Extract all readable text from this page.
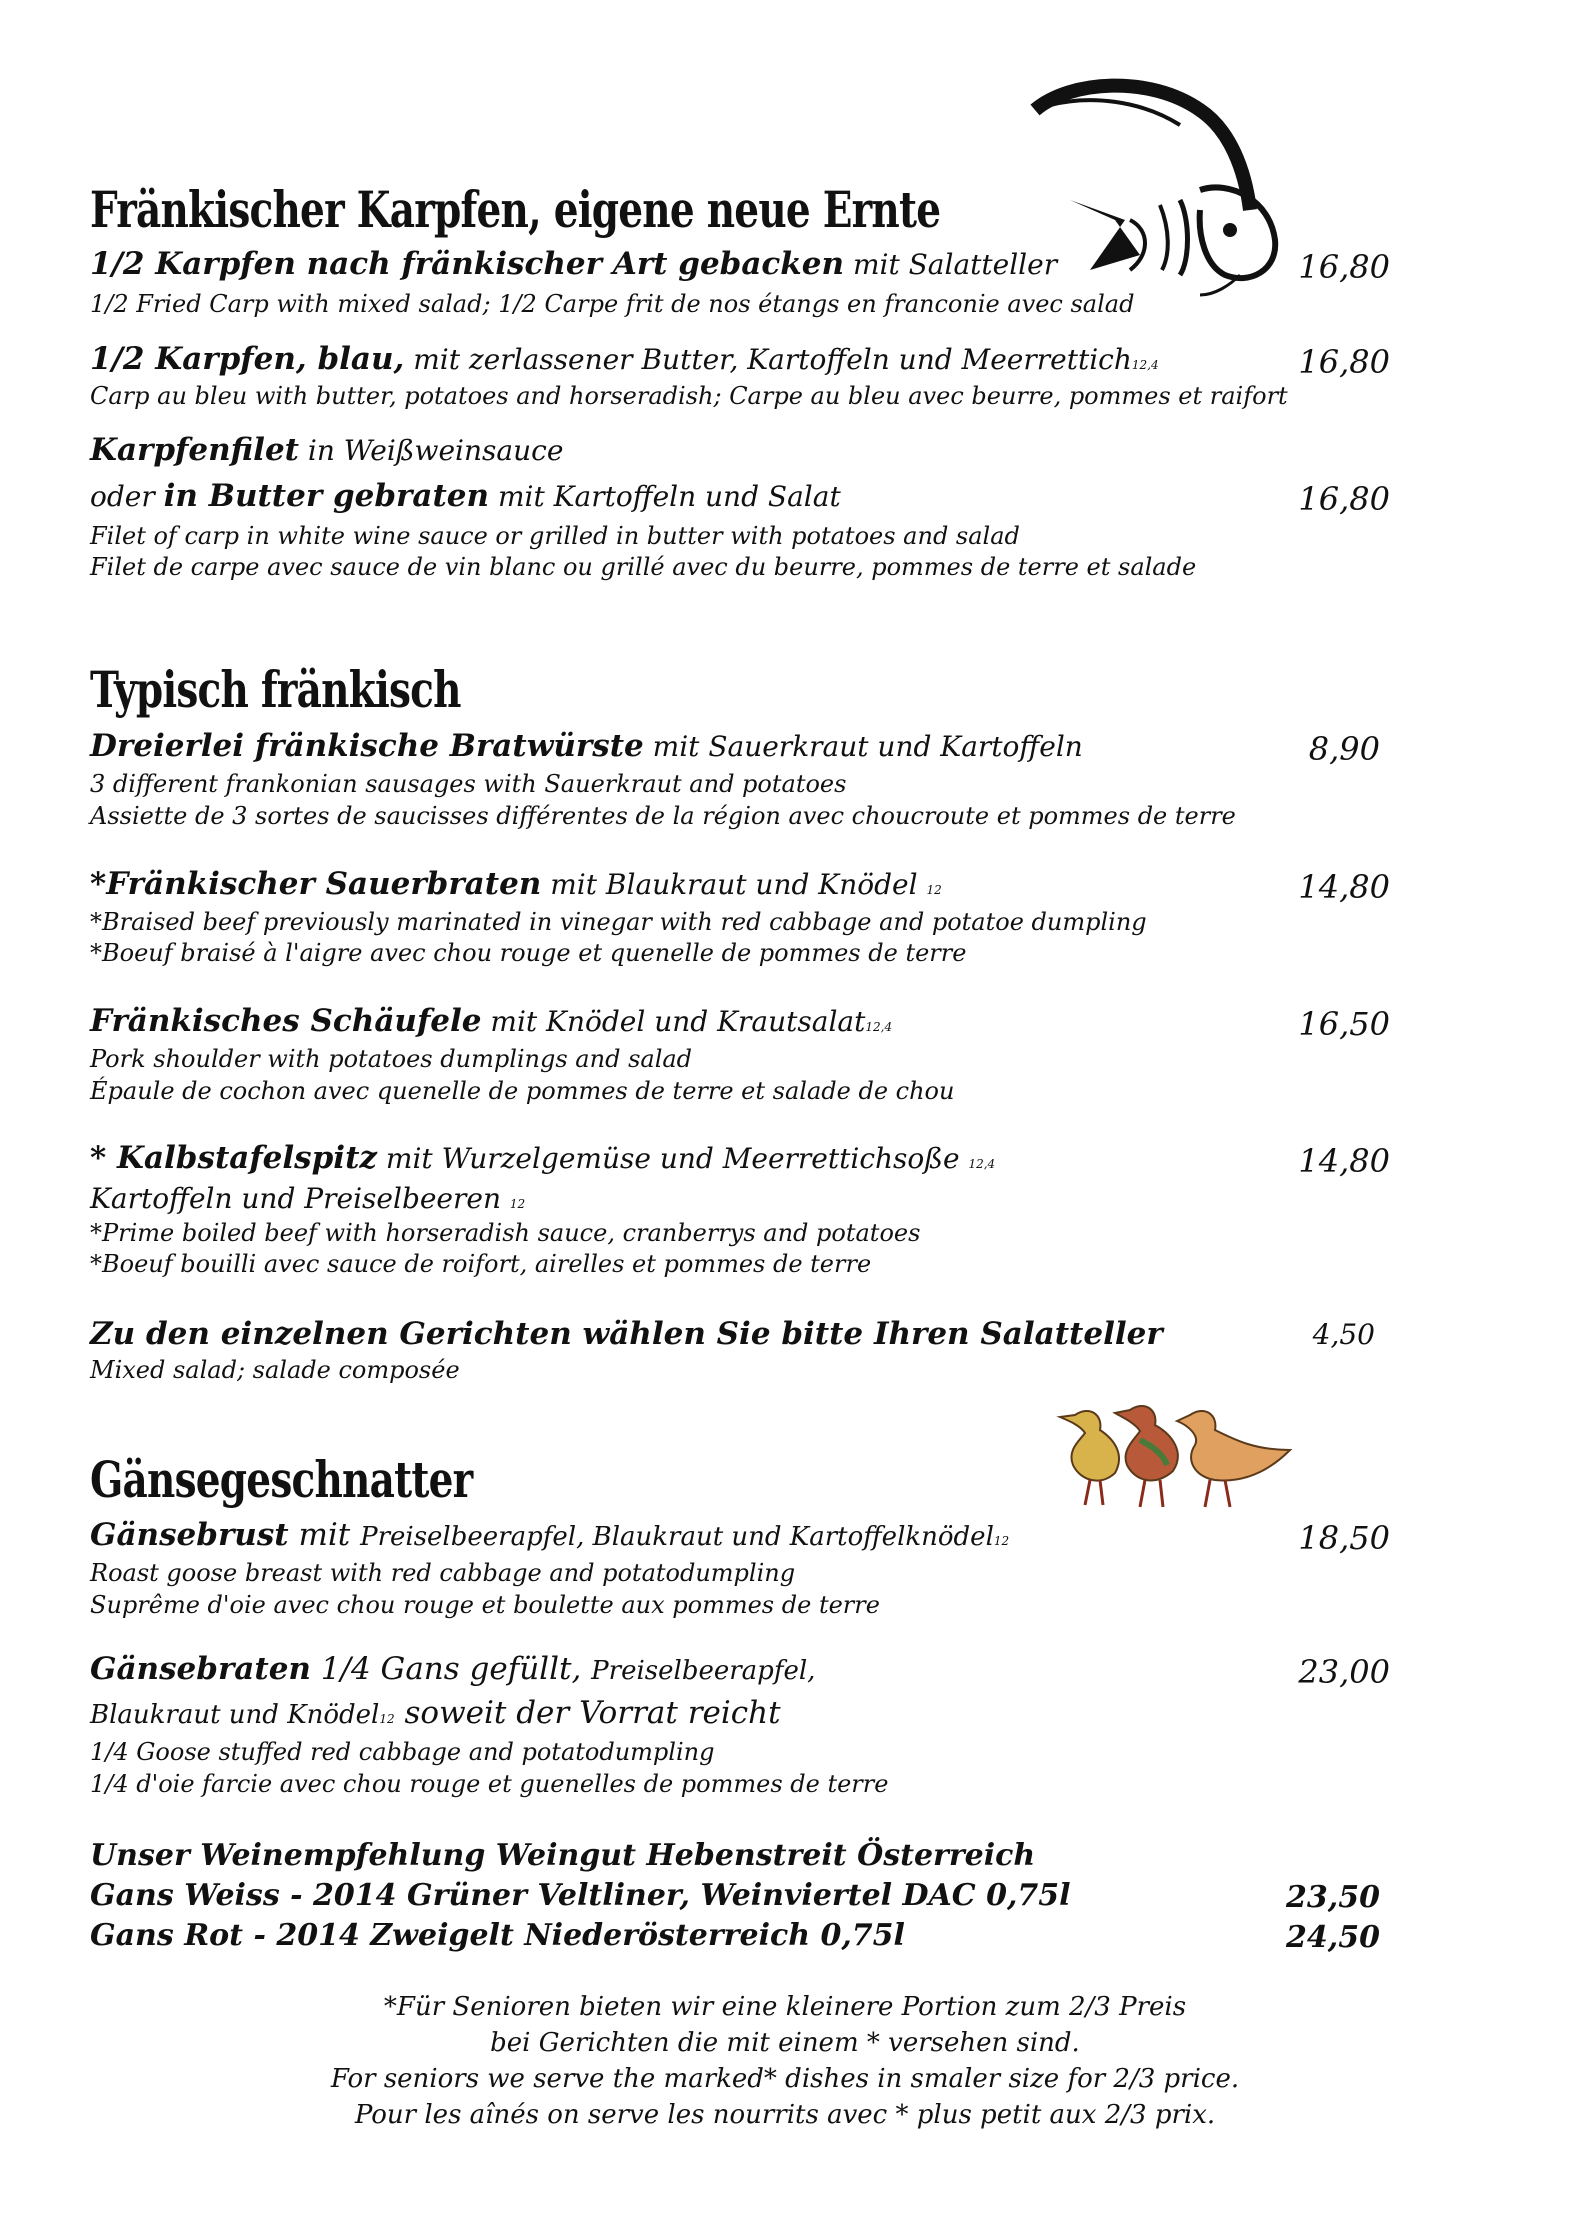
Fränkischer Karpfen, eigene neue Ernte
1/2 Karpfen nach fränkischer Art gebacken mit Salatteller	16,80
1/2 Fried Carp with mixed salad; 1/2 Carpe frit de nos étangs en franconie avec salad
1/2 Karpfen, blau, mit zerlassener Butter, Kartoffeln und Meerrettich12,4	16,80
Carp au bleu with butter, potatoes and horseradish; Carpe au bleu avec beurre, pommes et raifort
Karpfenfilet in Weißweinsauce
oder in Butter gebraten mit Kartoffeln und Salat	16,80
Filet of carp in white wine sauce or grilled in butter with potatoes and salad
Filet de carpe avec sauce de vin blanc ou grillé avec du beurre, pommes de terre et salade
Typisch fränkisch
Dreierlei fränkische Bratwürste mit Sauerkraut und Kartoffeln	8,90
3 different frankonian sausages with Sauerkraut and potatoes
Assiette de 3 sortes de saucisses différentes de la région avec choucroute et pommes de terre
*Fränkischer Sauerbraten mit Blaukraut und Knödel 12	14,80
*Braised beef previously marinated in vinegar with red cabbage and potatoe dumpling
*Boeuf braisé à l'aigre avec chou rouge et quenelle de pommes de terre
Fränkisches Schäufele mit Knödel und Krautsalat12,4	16,50
Pork shoulder with potatoes dumplings and salad
Épaule de cochon avec quenelle de pommes de terre et salade de chou
* Kalbstafelspitz mit Wurzelgemüse und Meerrettichsoße 12,4	14,80
Kartoffeln und Preiselbeeren 12
*Prime boiled beef with horseradish sauce, cranberrys and potatoes
*Boeuf bouilli avec sauce de roifort, airelles et pommes de terre
Zu den einzelnen Gerichten wählen Sie bitte Ihren Salatteller	4,50
Mixed salad; salade composée
Gänsegeschnatter
Gänsebrust mit Preiselbeerapfel, Blaukraut und Kartoffelknödel12	18,50
Roast goose breast with red cabbage and potatodumpling
Suprême d'oie avec chou rouge et boulette aux pommes de terre
Gänsebraten 1/4 Gans gefüllt, Preiselbeerapfel,	23,00
Blaukraut und Knödel12 soweit der Vorrat reicht
1/4 Goose stuffed red cabbage and potatodumpling
1/4 d'oie farcie avec chou rouge et guenelles de pommes de terre
Unser Weinempfehlung Weingut Hebenstreit Österreich
Gans Weiss - 2014 Grüner Veltliner, Weinviertel DAC 0,75l	23,50
Gans Rot - 2014 Zweigelt Niederösterreich 0,75l	24,50
*Für Senioren bieten wir eine kleinere Portion zum 2/3 Preis
bei Gerichten die mit einem * versehen sind.
For seniors we serve the marked* dishes in smaler size for 2/3 price.
Pour les aînés on serve les nourrits avec * plus petit aux 2/3 prix.
